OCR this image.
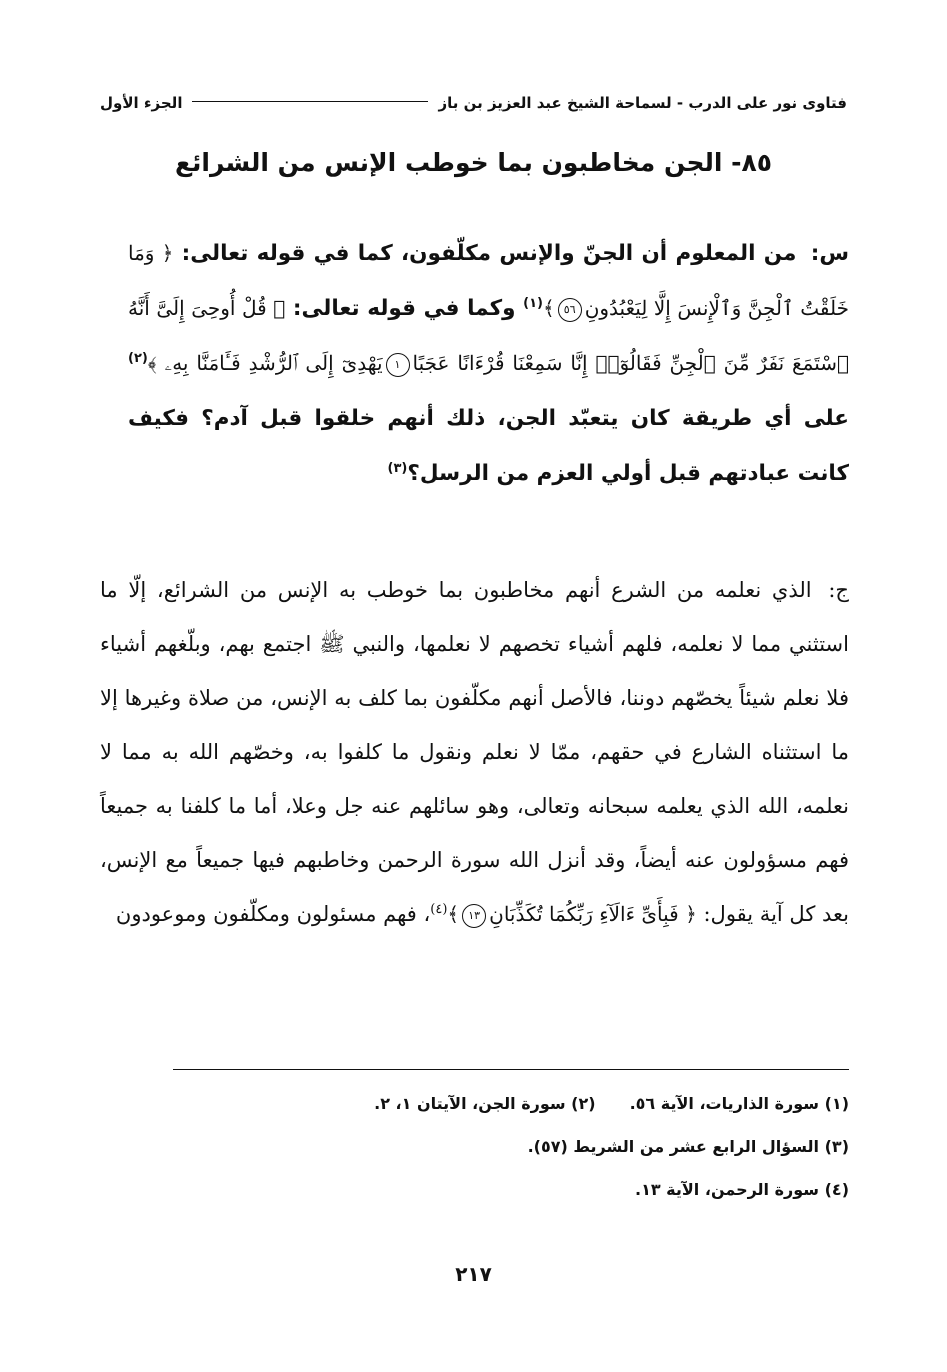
فتاوى نور على الدرب - لسماحة الشيخ عبد العزيز بن باز
الجزء الأول
٨٥- الجن مخاطبون بما خوطب الإنس من الشرائع
س: من المعلوم أن الجنّ والإنس مكلّفون، كما في قوله تعالى: ﴿ وَمَا خَلَقْتُ ٱلْجِنَّ وَٱلْإِنسَ إِلَّا لِيَعْبُدُونِ٥٦﴾$^{(١)}$ وكما في قوله تعالى: ﴿ قُلْ أُوحِىَ إِلَىَّ أَنَّهُ ٱسْتَمَعَ نَفَرٌ مِّنَ ٱلْجِنِّ فَقَالُوٓا۟ إِنَّا سَمِعْنَا قُرْءَانًا عَجَبًا١يَهْدِىٓ إِلَى ٱلرُّشْدِ فَـَٔامَنَّا بِهِۦ ﴾$^{(٢)}$ على أي طريقة كان يتعبّد الجن، ذلك أنهم خلقوا قبل آدم؟ فكيف كانت عبادتهم قبل أولي العزم من الرسل؟$^{(٣)}$
ج: الذي نعلمه من الشرع أنهم مخاطبون بما خوطب به الإنس من الشرائع، إلّا ما استثني مما لا نعلمه، فلهم أشياء تخصهم لا نعلمها، والنبي ﷺ اجتمع بهم، وبلّغهم أشياء فلا نعلم شيئاً يخصّهم دوننا، فالأصل أنهم مكلّفون بما كلف به الإنس، من صلاة وغيرها إلا ما استثناه الشارع في حقهم، ممّا لا نعلم ونقول ما كلفوا به، وخصّهم الله به مما لا نعلمه، الله الذي يعلمه سبحانه وتعالى، وهو سائلهم عنه جل وعلا، أما ما كلفنا به جميعاً فهم مسؤولون عنه أيضاً، وقد أنزل الله سورة الرحمن وخاطبهم فيها جميعاً مع الإنس، بعد كل آية يقول: ﴿ فَبِأَىِّ ءَالَآءِ رَبِّكُمَا تُكَذِّبَانِ١٣﴾$^{(٤)}$، فهم مسئولون ومكلّفون وموعودون
(١) سورة الذاريات، الآية ٥٦.(٢) سورة الجن، الآيتان ١، ٢.
(٣) السؤال الرابع عشر من الشريط (٥٧).
(٤) سورة الرحمن، الآية ١٣.
٢١٧
